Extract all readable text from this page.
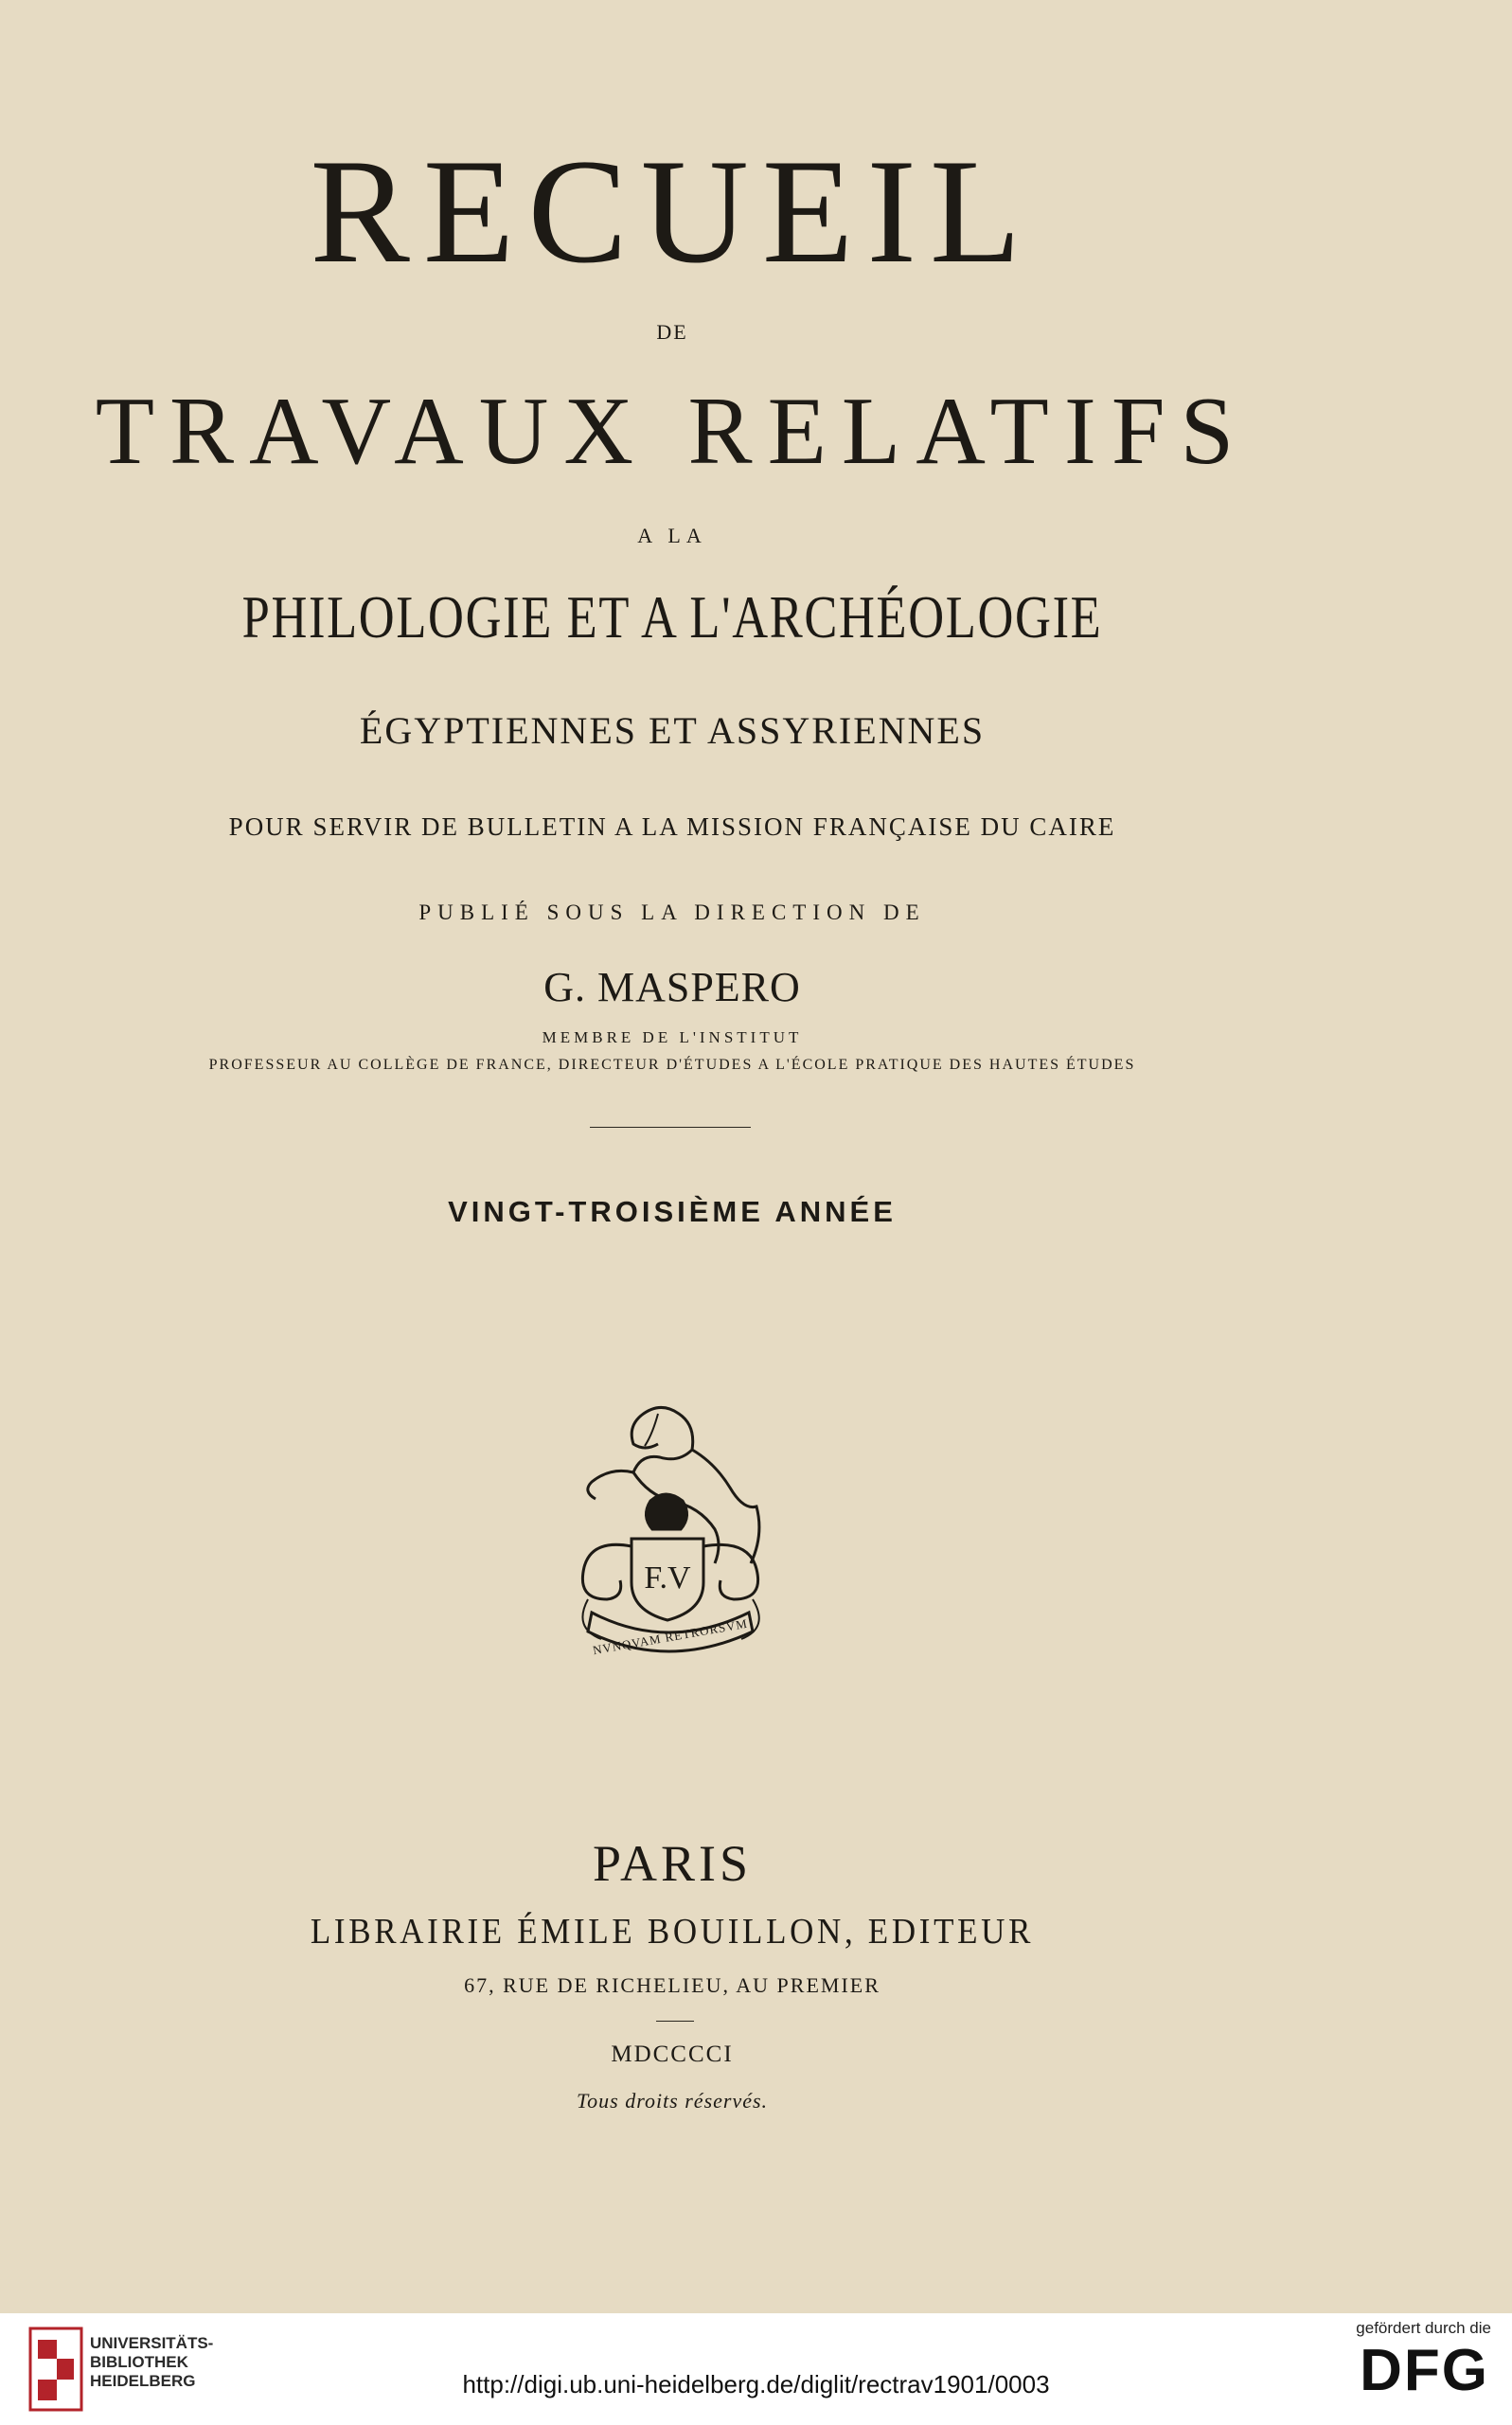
RECUEIL
DE
TRAVAUX RELATIFS
A LA
PHILOLOGIE ET A L'ARCHÉOLOGIE
ÉGYPTIENNES ET ASSYRIENNES
POUR SERVIR DE BULLETIN A LA MISSION FRANÇAISE DU CAIRE
PUBLIÉ SOUS LA DIRECTION DE
G. MASPERO
MEMBRE DE L'INSTITUT
PROFESSEUR AU COLLÈGE DE FRANCE, DIRECTEUR D'ÉTUDES A L'ÉCOLE PRATIQUE DES HAUTES ÉTUDES
VINGT-TROISIÈME ANNÉE
F.V
NVNQVAM RETRORSVM
PARIS
LIBRAIRIE ÉMILE BOUILLON, EDITEUR
67, RUE DE RICHELIEU, AU PREMIER
MDCCCCI
Tous droits réservés.
UNIVERSITÄTS-
BIBLIOTHEK
HEIDELBERG	http://digi.ub.uni-heidelberg.de/diglit/rectrav1901/0003
gefördert durch die
DFG
